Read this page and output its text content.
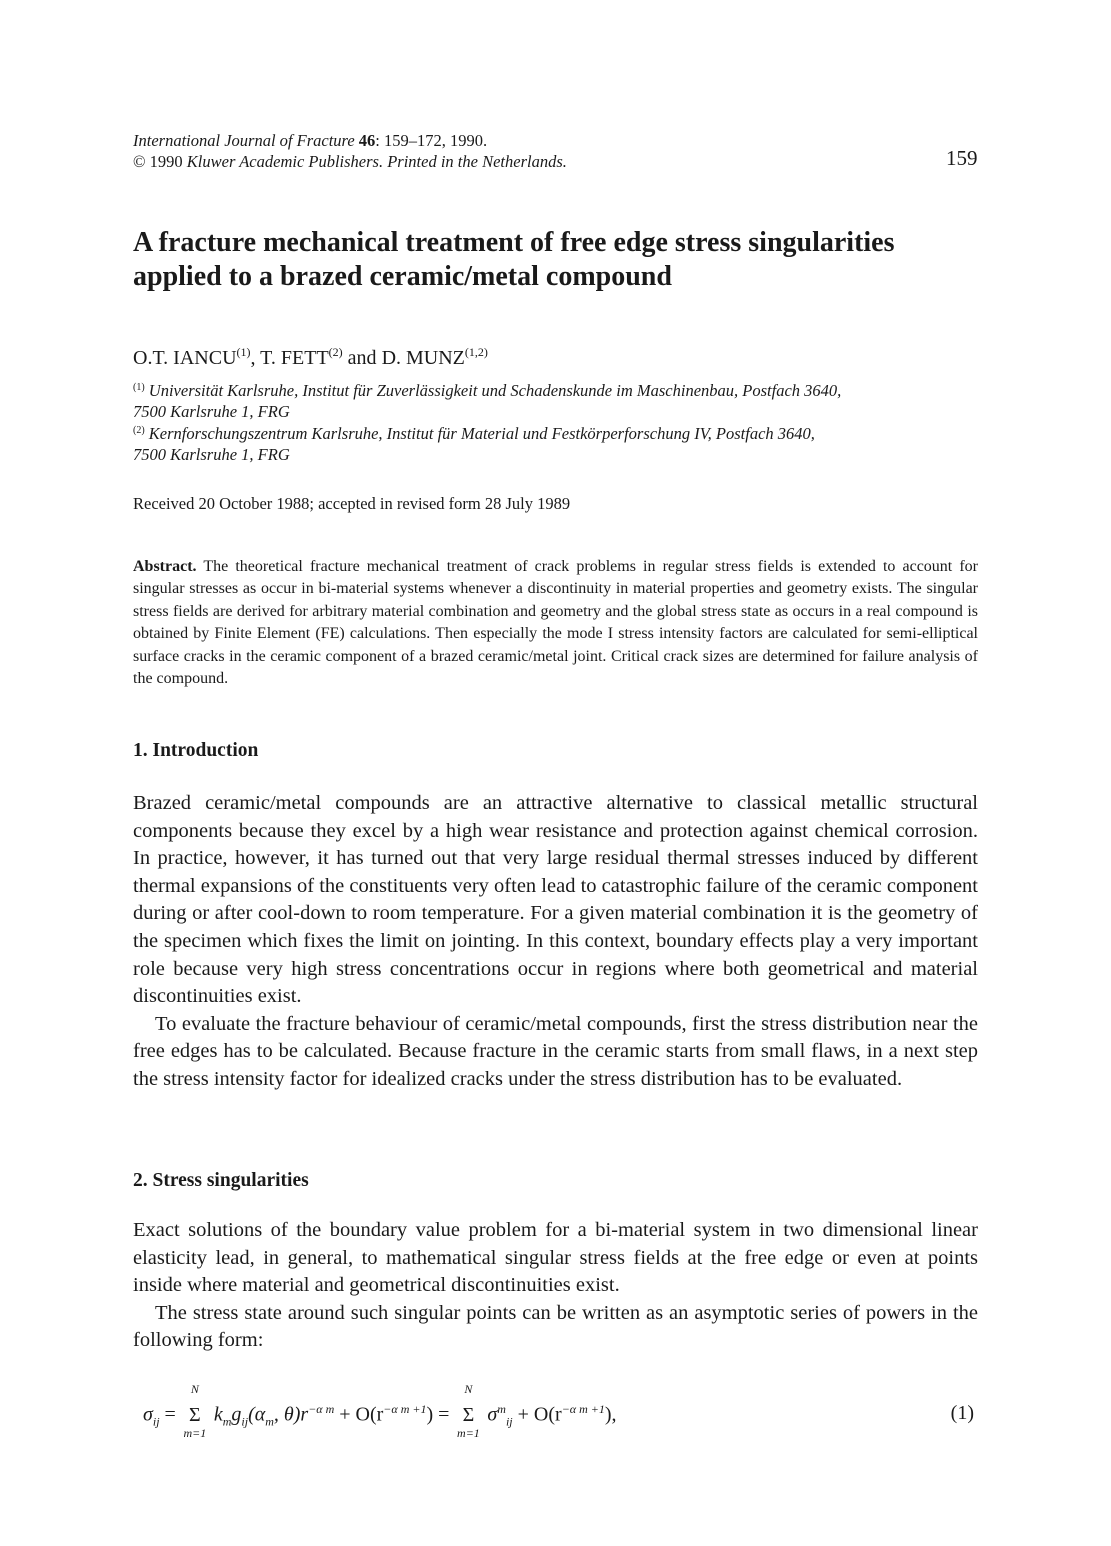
International Journal of Fracture 46: 159–172, 1990.
© 1990 Kluwer Academic Publishers. Printed in the Netherlands.	159
A fracture mechanical treatment of free edge stress singularities
applied to a brazed ceramic/metal compound
O.T. IANCU$^{(1)}$, T. FETT$^{(2)}$ and D. MUNZ$^{(1,2)}$
$^{(1)}$ Universität Karlsruhe, Institut für Zuverlässigkeit und Schadenskunde im Maschinenbau, Postfach 3640,
7500 Karlsruhe 1, FRG
$^{(2)}$ Kernforschungszentrum Karlsruhe, Institut für Material und Festkörperforschung IV, Postfach 3640,
7500 Karlsruhe 1, FRG
Received 20 October 1988; accepted in revised form 28 July 1989
Abstract. The theoretical fracture mechanical treatment of crack problems in regular stress fields is extended to account for singular stresses as occur in bi-material systems whenever a discontinuity in material properties and geometry exists. The singular stress fields are derived for arbitrary material combination and geometry and the global stress state as occurs in a real compound is obtained by Finite Element (FE) calculations. Then especially the mode I stress intensity factors are calculated for semi-elliptical surface cracks in the ceramic component of a brazed ceramic/metal joint. Critical crack sizes are determined for failure analysis of the compound.
1. Introduction

Brazed ceramic/metal compounds are an attractive alternative to classical metallic structural components because they excel by a high wear resistance and protection against chemical corrosion. In practice, however, it has turned out that very large residual thermal stresses induced by different thermal expansions of the constituents very often lead to catastrophic failure of the ceramic component during or after cool-down to room temperature. For a given material combination it is the geometry of the specimen which fixes the limit on jointing. In this context, boundary effects play a very important role because very high stress concentrations occur in regions where both geometrical and material discontinuities exist.

To evaluate the fracture behaviour of ceramic/metal compounds, first the stress distribution near the free edges has to be calculated. Because fracture in the ceramic starts from small flaws, in a next step the stress intensity factor for idealized cracks under the stress distribution has to be evaluated.

2. Stress singularities

Exact solutions of the boundary value problem for a bi-material system in two dimensional linear elasticity lead, in general, to mathematical singular stress fields at the free edge or even at points inside where material and geometrical discontinuities exist.

The stress state around such singular points can be written as an asymptotic series of powers in the following form:

$\sigma_{ij}$ =
N
Σ
m=1
$k_mg_{ij}(\alpha_m$, $\theta)r^{-\alpha m} + O(r^{-\alpha m +1})$ =
N
Σ
m=1
$\sigma^m_{ij} + O(r^{-\alpha m +1})$,	(1)
